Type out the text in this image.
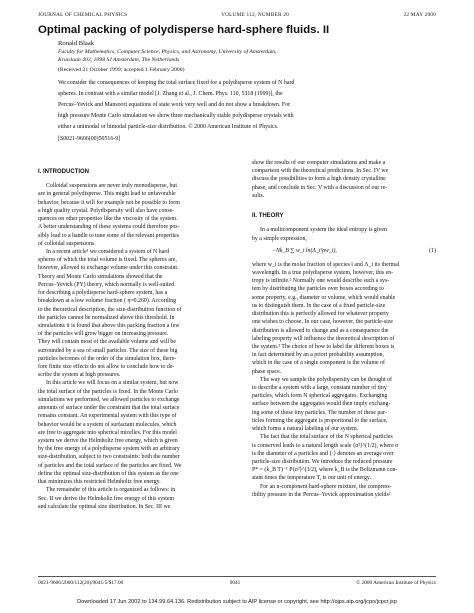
JOURNAL OF CHEMICAL PHYSICS	VOLUME 112, NUMBER 20	22 MAY 2000
Optimal packing of polydisperse hard-sphere fluids. II
Ronald Blaak
Faculty for Mathematics, Computer Science, Physics, and Astronomy, University of Amsterdam,
Kruislaan 403, 1098 SJ Amsterdam, The Netherlands
(Received 21 October 1999; accepted 1 February 2000)
We consider the consequences of keeping the total surface fixed for a polydisperse system of N hard
spheres. In contrast with a similar model [J. Zhang et al., J. Chem. Phys. 110, 5318 (1999)], the
Percus–Yevick and Mansoori equations of state work very well and do not show a breakdown. For
high pressure Monte Carlo simulation we show three mechanically stable polydisperse crystals with
either a unimodal or bimodal particle-size distribution. © 2000 American Institute of Physics.
[S0021-9606(00)50516-9]
I. INTRODUCTION
Colloidal suspensions are never truly monodisperse, but
are in general polydisperse. This might lead to unfavorable
behavior, because it will for example not be possible to form
a high quality crystal. Polydispersity will also have conse-
quences on other properties like the viscosity of the system.
A better understanding of these systems could therefore pos-
sibly lead to a handle to tune some of the relevant properties
of colloidal suspensions.
In a recent article¹ we considered a system of N hard
spheres of which the total volume is fixed. The spheres are,
however, allowed to exchange volume under this constraint.
Theory and Monte Carlo simulations showed that the
Percus–Yevick (PY) theory, which normally is well-suited
for describing a polydisperse hard-sphere system, has a
breakdown at a low volume fraction ( η≈0.260). According
to the theoretical description, the size-distribution function of
the particles cannot be normalized above this threshold. In
simulations it is found that above this packing fraction a few
of the particles will grow bigger on increasing pressure.
They will contain most of the available volume and will be
surrounded by a sea of small particles. The size of these big
particles becomes of the order of the simulation box, there-
fore finite size effects do not allow to conclude how to de-
scribe the system at high pressures.
In this article we will focus on a similar system, but now
the total surface of the particles is fixed. In the Monte Carlo
simulations we performed, we allowed particles to exchange
amounts of surface under the constraint that the total surface
remains constant. An experimental system with this type of
behavior would be a system of surfactant molecules, which
are free to aggregate into spherical micelles. For this model
system we derive the Helmholtz free energy, which is given
by the free energy of a polydisperse system with an arbitrary
size-distribution, subject to two constraints: both the number
of particles and the total surface of the particles are fixed. We
define the optimal size-distribution of this system as the one
that minimizes this restricted Helmholtz free energy.
The remainder of this article is organized as follows: in
Sec. II we derive the Helmholtz free energy of this system
and calculate the optimal size distribution. In Sec. III we
show the results of our computer simulations and make a
comparison with the theoretical predictions. In Sec. IV we
discuss the possibilities to form a high density crystalline
phase, and conclude in Sec. V with a discussion of our re-
sults.
II. THEORY
In a multicomponent system the ideal entropy is given
by a simple expression,
−Nk_B ∑ w_i ln(Λ_i³ρw_i),	(1)
where w_i is the molar fraction of species i and Λ_i its thermal
wavelength. In a true polydisperse system, however, this en-
tropy is infinite.² Normally one would describe such a sys-
tem by distributing the particles over boxes according to
some property, e.g., diameter or volume, which would enable
us to distinguish them. In the case of a fixed particle-size
distribution this is perfectly allowed for whatever property
one wishes to choose. In our case, however, the particle-size
distribution is allowed to change and as a consequence the
labeling property will influence the theoretical description of
the system.³ The choice of how to label the different boxes is
in fact determined by an a priori probability assumption,
which in the case of a single component is the volume of
phase space.
The way we sample the polydispersity can be thought of
to describe a system with a large, constant number of tiny
particles, which form N spherical aggregates. Exchanging
surface between the aggregates would then imply exchang-
ing some of these tiny particles. The number of these par-
ticles forming the aggregate is proportional to the surface,
which forms a natural labeling of our system.
The fact that the total surface of the N spherical particles
is conserved leads to a natural length scale ⟨σ²⟩^(1/2), where σ
is the diameter of a particles and ⟨·⟩ denotes an average over
particle-size distribution. We introduce the reduced pressure
P* = (k_B T)⁻¹ P⟨σ²⟩^(3/2), where k_B is the Boltzmann con-
stant times the temperature T, is our unit of energy.
For an n-component hard-sphere mixture, the compress-
ibility pressure in the Percus–Yevick approximation yields²
0021-9606/2000/112(20)/9041/5/$17.00	9041	© 2000 American Institute of Physics
Downloaded 17 Jun 2002 to 134.99.64.136. Redistribution subject to AIP license or copyright, see http://ojps.aip.org/jcpo/jcpcr.jsp
